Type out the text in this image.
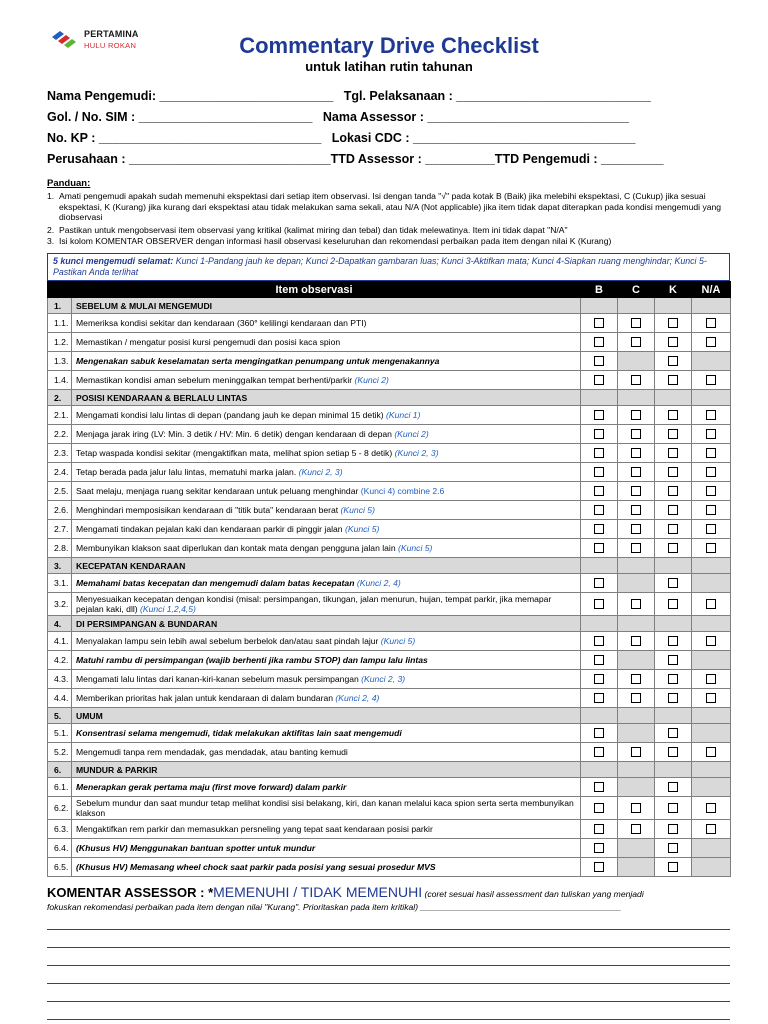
PERTAMINA
HULU ROKAN	Commentary Drive Checklist
untuk latihan rutin tahunan
Nama Pengemudi: _________________________   Tgl. Pelaksanaan : ____________________________
Gol. / No. SIM : _________________________   Nama Assessor : _____________________________
No. KP : ________________________________   Lokasi CDC : ________________________________
Perusahaan : _____________________________TTD Assessor : __________TTD Pengemudi : _________
Panduan:
1. Amati pengemudi apakah sudah memenuhi ekspektasi dari setiap item observasi. Isi dengan tanda "√" pada kotak B (Baik) jika melebihi ekspektasi, C (Cukup) jika sesuai ekspektasi, K (Kurang) jika kurang dari ekspektasi atau tidak melakukan sama sekali, atau N/A (Not applicable) jika item tidak dapat diterapkan pada kondisi mengemudi yang diobservasi
2. Pastikan untuk mengobservasi item observasi yang kritikal (kalimat miring dan tebal) dan tidak melewatinya. Item ini tidak dapat "N/A"
3. Isi kolom KOMENTAR OBSERVER dengan informasi hasil observasi keseluruhan dan rekomendasi perbaikan pada item dengan nilai K (Kurang)
5 kunci mengemudi selamat: Kunci 1-Pandang jauh ke depan; Kunci 2-Dapatkan gambaran luas; Kunci 3-Aktifkan mata; Kunci 4-Siapkan ruang menghindar; Kunci 5-Pastikan Anda terlihat
Item observasi		B	C	K	N/A
1.	SEBELUM & MULAI MENGEMUDI				
1.1.	Memeriksa kondisi sekitar dan kendaraan (360° kelilingi kendaraan dan PTI)				
1.2.	Memastikan / mengatur posisi kursi pengemudi dan posisi kaca spion				
1.3.	Mengenakan sabuk keselamatan serta mengingatkan penumpang untuk mengenakannya				
1.4.	Memastikan kondisi aman sebelum meninggalkan tempat berhenti/parkir (Kunci 2)				
2.	POSISI KENDARAAN & BERLALU LINTAS				
2.1.	Mengamati kondisi lalu lintas di depan (pandang jauh ke depan minimal 15 detik) (Kunci 1)				
2.2.	Menjaga jarak iring (LV: Min. 3 detik / HV: Min. 6 detik) dengan kendaraan di depan (Kunci 2)				
2.3.	Tetap waspada kondisi sekitar (mengaktifkan mata, melihat spion setiap 5 - 8 detik) (Kunci 2, 3)				
2.4.	Tetap berada pada jalur lalu lintas, mematuhi marka jalan. (Kunci 2, 3)				
2.5.	Saat melaju, menjaga ruang sekitar kendaraan untuk peluang menghindar (Kunci 4) combine 2.6				
2.6.	Menghindari memposisikan kendaraan di "titik buta" kendaraan berat (Kunci 5)				
2.7.	Mengamati tindakan pejalan kaki dan kendaraan parkir di pinggir jalan (Kunci 5)				
2.8.	Membunyikan klakson saat diperlukan dan kontak mata dengan pengguna jalan lain (Kunci 5)				
3.	KECEPATAN KENDARAAN				
3.1.	Memahami batas kecepatan dan mengemudi dalam batas kecepatan (Kunci 2, 4)				
3.2.	Menyesuaikan kecepatan dengan kondisi (misal: persimpangan, tikungan, jalan menurun, hujan, tempat parkir, jika memapar pejalan kaki, dll) (Kunci 1,2,4,5)				
4.	DI PERSIMPANGAN & BUNDARAN				
4.1.	Menyalakan lampu sein lebih awal sebelum berbelok dan/atau saat pindah lajur (Kunci 5)				
4.2.	Matuhi rambu di persimpangan (wajib berhenti jika rambu STOP) dan lampu lalu lintas				
4.3.	Mengamati lalu lintas dari kanan-kiri-kanan sebelum masuk persimpangan (Kunci 2, 3)				
4.4.	Memberikan prioritas hak jalan untuk kendaraan di dalam bundaran (Kunci 2, 4)				
5.	UMUM				
5.1.	Konsentrasi selama mengemudi, tidak melakukan aktifitas lain saat mengemudi				
5.2.	Mengemudi tanpa rem mendadak, gas mendadak, atau banting kemudi				
6.	MUNDUR & PARKIR				
6.1.	Menerapkan gerak pertama maju (first move forward) dalam parkir				
6.2.	Sebelum mundur dan saat mundur tetap melihat kondisi sisi belakang, kiri, dan kanan melalui kaca spion serta serta membunyikan klakson				
6.3.	Mengaktifkan rem parkir dan memasukkan persneling yang tepat saat kendaraan posisi parkir				
6.4.	(Khusus HV) Menggunakan bantuan spotter untuk mundur				
6.5.	(Khusus HV) Memasang wheel chock saat parkir pada posisi yang sesuai prosedur MVS				
KOMENTAR ASSESSOR : *MEMENUHI / TIDAK MEMENUHI (coret sesuai hasil assessment dan tuliskan yang menjadi
fokuskan rekomendasi perbaikan pada item dengan nilai "Kurang". Prioritaskan pada item kritikal) __________________________________________
